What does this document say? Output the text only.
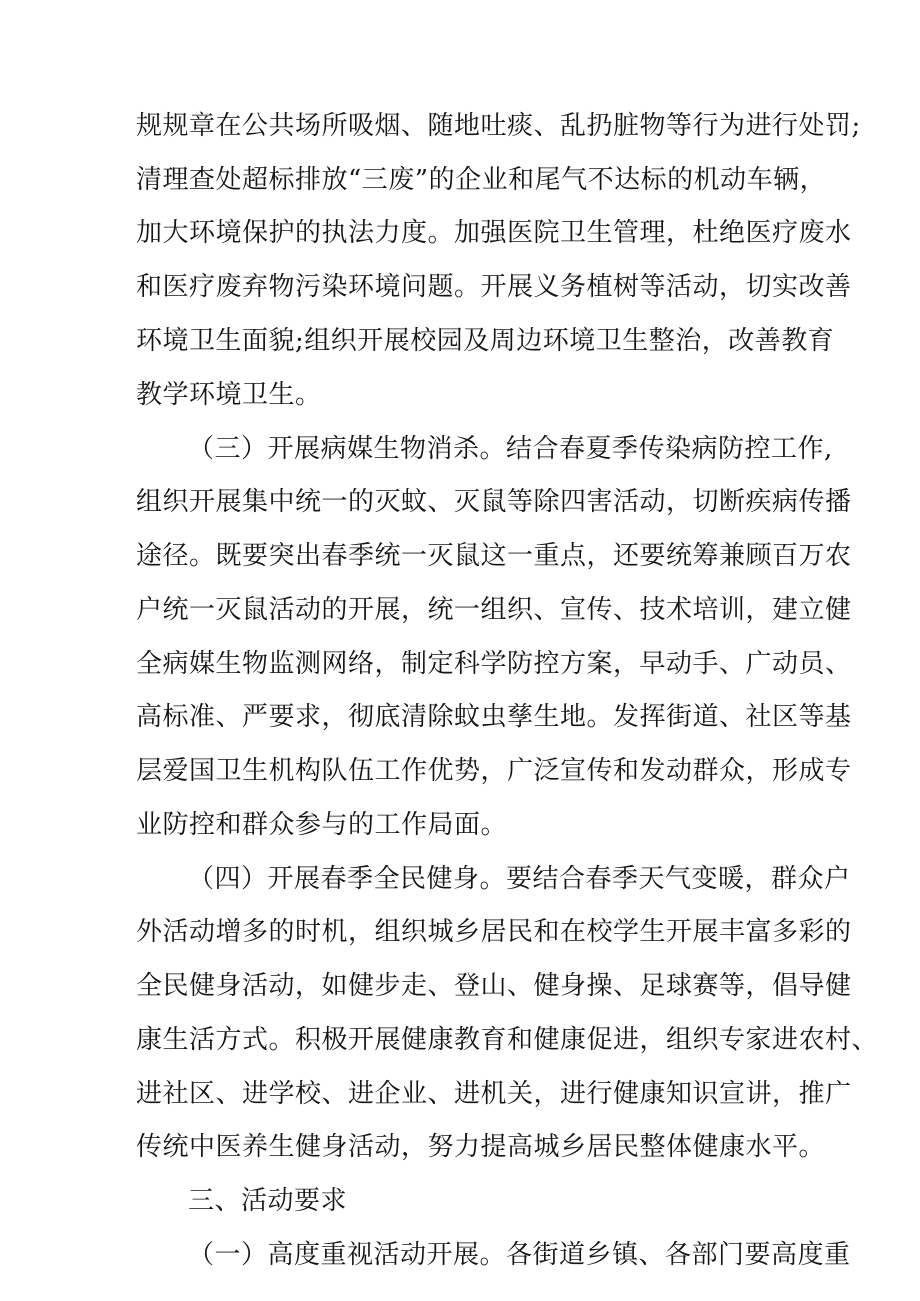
规规章在公共场所吸烟、随地吐痰、乱扔脏物等行为进行处罚;
清理查处超标排放“三废”的企业和尾气不达标的机动车辆，
加大环境保护的执法力度。加强医院卫生管理，杜绝医疗废水
和医疗废弃物污染环境问题。开展义务植树等活动，切实改善
环境卫生面貌;组织开展校园及周边环境卫生整治，改善教育
教学环境卫生。
（三）开展病媒生物消杀。结合春夏季传染病防控工作,
组织开展集中统一的灭蚊、灭鼠等除四害活动，切断疾病传播
途径。既要突出春季统一灭鼠这一重点，还要统筹兼顾百万农
户统一灭鼠活动的开展，统一组织、宣传、技术培训，建立健
全病媒生物监测网络，制定科学防控方案，早动手、广动员、
高标准、严要求，彻底清除蚊虫孳生地。发挥街道、社区等基
层爱国卫生机构队伍工作优势，广泛宣传和发动群众，形成专
业防控和群众参与的工作局面。
（四）开展春季全民健身。要结合春季天气变暖，群众户
外活动增多的时机，组织城乡居民和在校学生开展丰富多彩的
全民健身活动，如健步走、登山、健身操、足球赛等，倡导健
康生活方式。积极开展健康教育和健康促进，组织专家进农村、
进社区、进学校、进企业、进机关，进行健康知识宣讲，推广
传统中医养生健身活动，努力提高城乡居民整体健康水平。
三、活动要求
（一）高度重视活动开展。各街道乡镇、各部门要高度重
